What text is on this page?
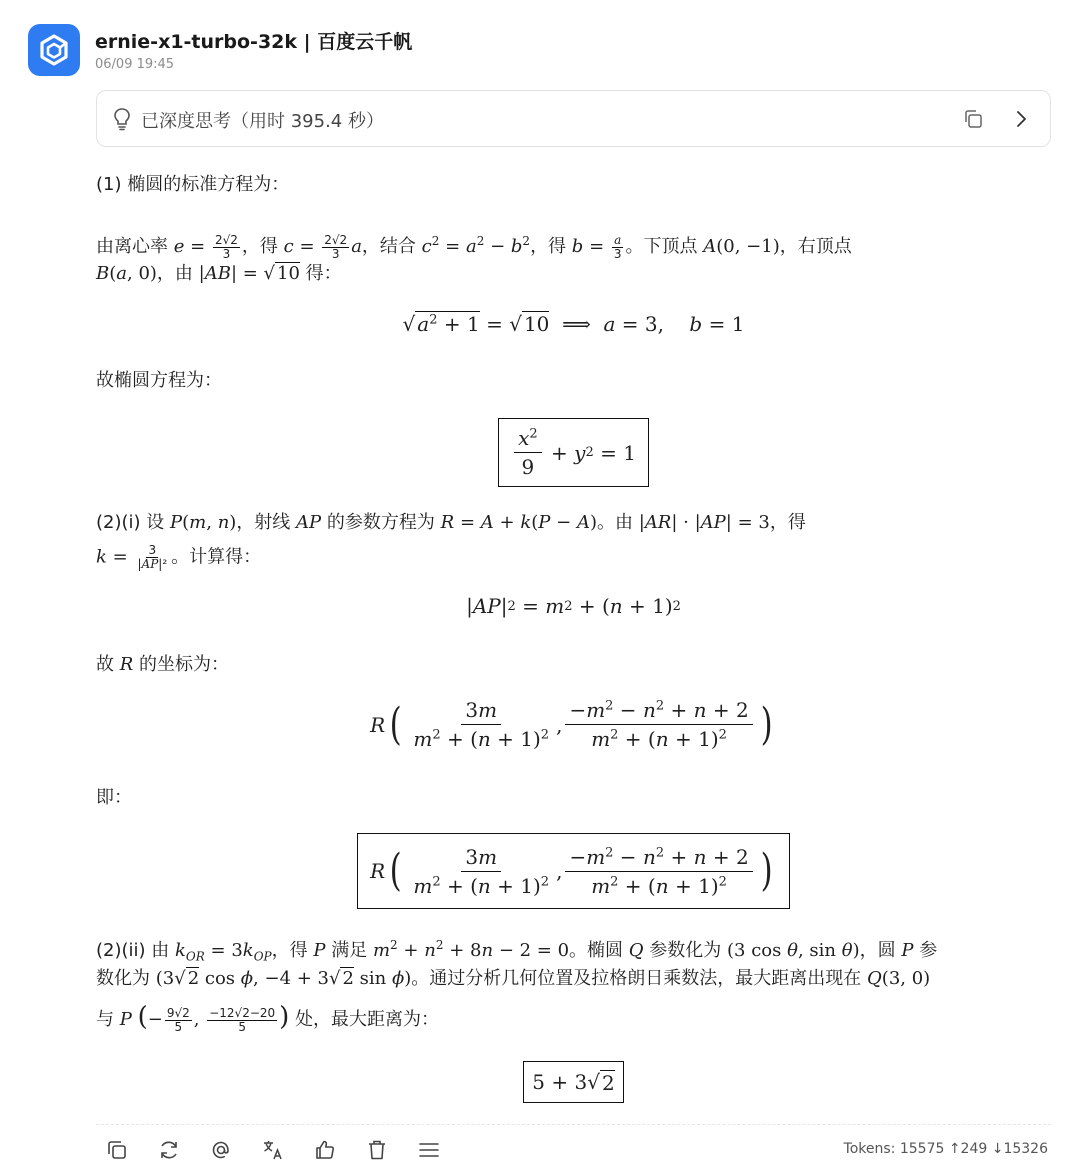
ernie-x1-turbo-32k | 百度云千帆
06/09 19:45
已深度思考（用时 395.4 秒）
(1) 椭圆的标准方程为：
由离心率 $e = \frac{2√2}{3}$ ，得 $c = \frac{2√2}{3}$ a，结合 $c^2 = a^2 - b^2$，得 $b = \frac{a}{3}$ 。下顶点 A(0, −1)，右顶点
B(a, 0)，由 |AB| = √ 10 得：
√ $a^2 + 1$ = √ 10 ⟹ a = 3, b = 1
故椭圆方程为：
$\frac{x^2}{9} + y$ 2 = 1
(2)(i) 设 P(m, n)，射线 AP 的参数方程为 R = A + k(P − A)。由 |AR| · |AP| = 3，得
$k = \frac{3}{\text{|AP|²}}$ 。计算得：
| AP | 2 = m 2 + ( n + 1) 2
故 R 的坐标为：
R ( $\frac{3m}{m^2 + (n + 1)^2}$ , $\frac{-m^2 - n^2 + n + 2}{m^2 + (n + 1)^2}$ )
即：
R ( $\frac{3m}{m^2 + (n + 1)^2}$ , $\frac{-m^2 - n^2 + n + 2}{m^2 + (n + 1)^2}$ )
(2)(ii) 由 $k_{OR} = 3k_{OP}$，得 P 满足 $m^2 + n^2 + 8n - 2 = 0$。椭圆 Q 参数化为 (3 cos θ, sin θ)，圆 P 参
数化为 (3√ 2 cos ϕ, −4 + 3√ 2 sin ϕ)。通过分析几何位置及拉格朗日乘数法，最大距离出现在 Q(3, 0)
与 P (− $\frac{9√2}{5}$ , $\frac{-12√2-20}{5}$ ) 处，最大距离为：
5 + 3√ 2
Tokens: 15575 ↑249 ↓15326
